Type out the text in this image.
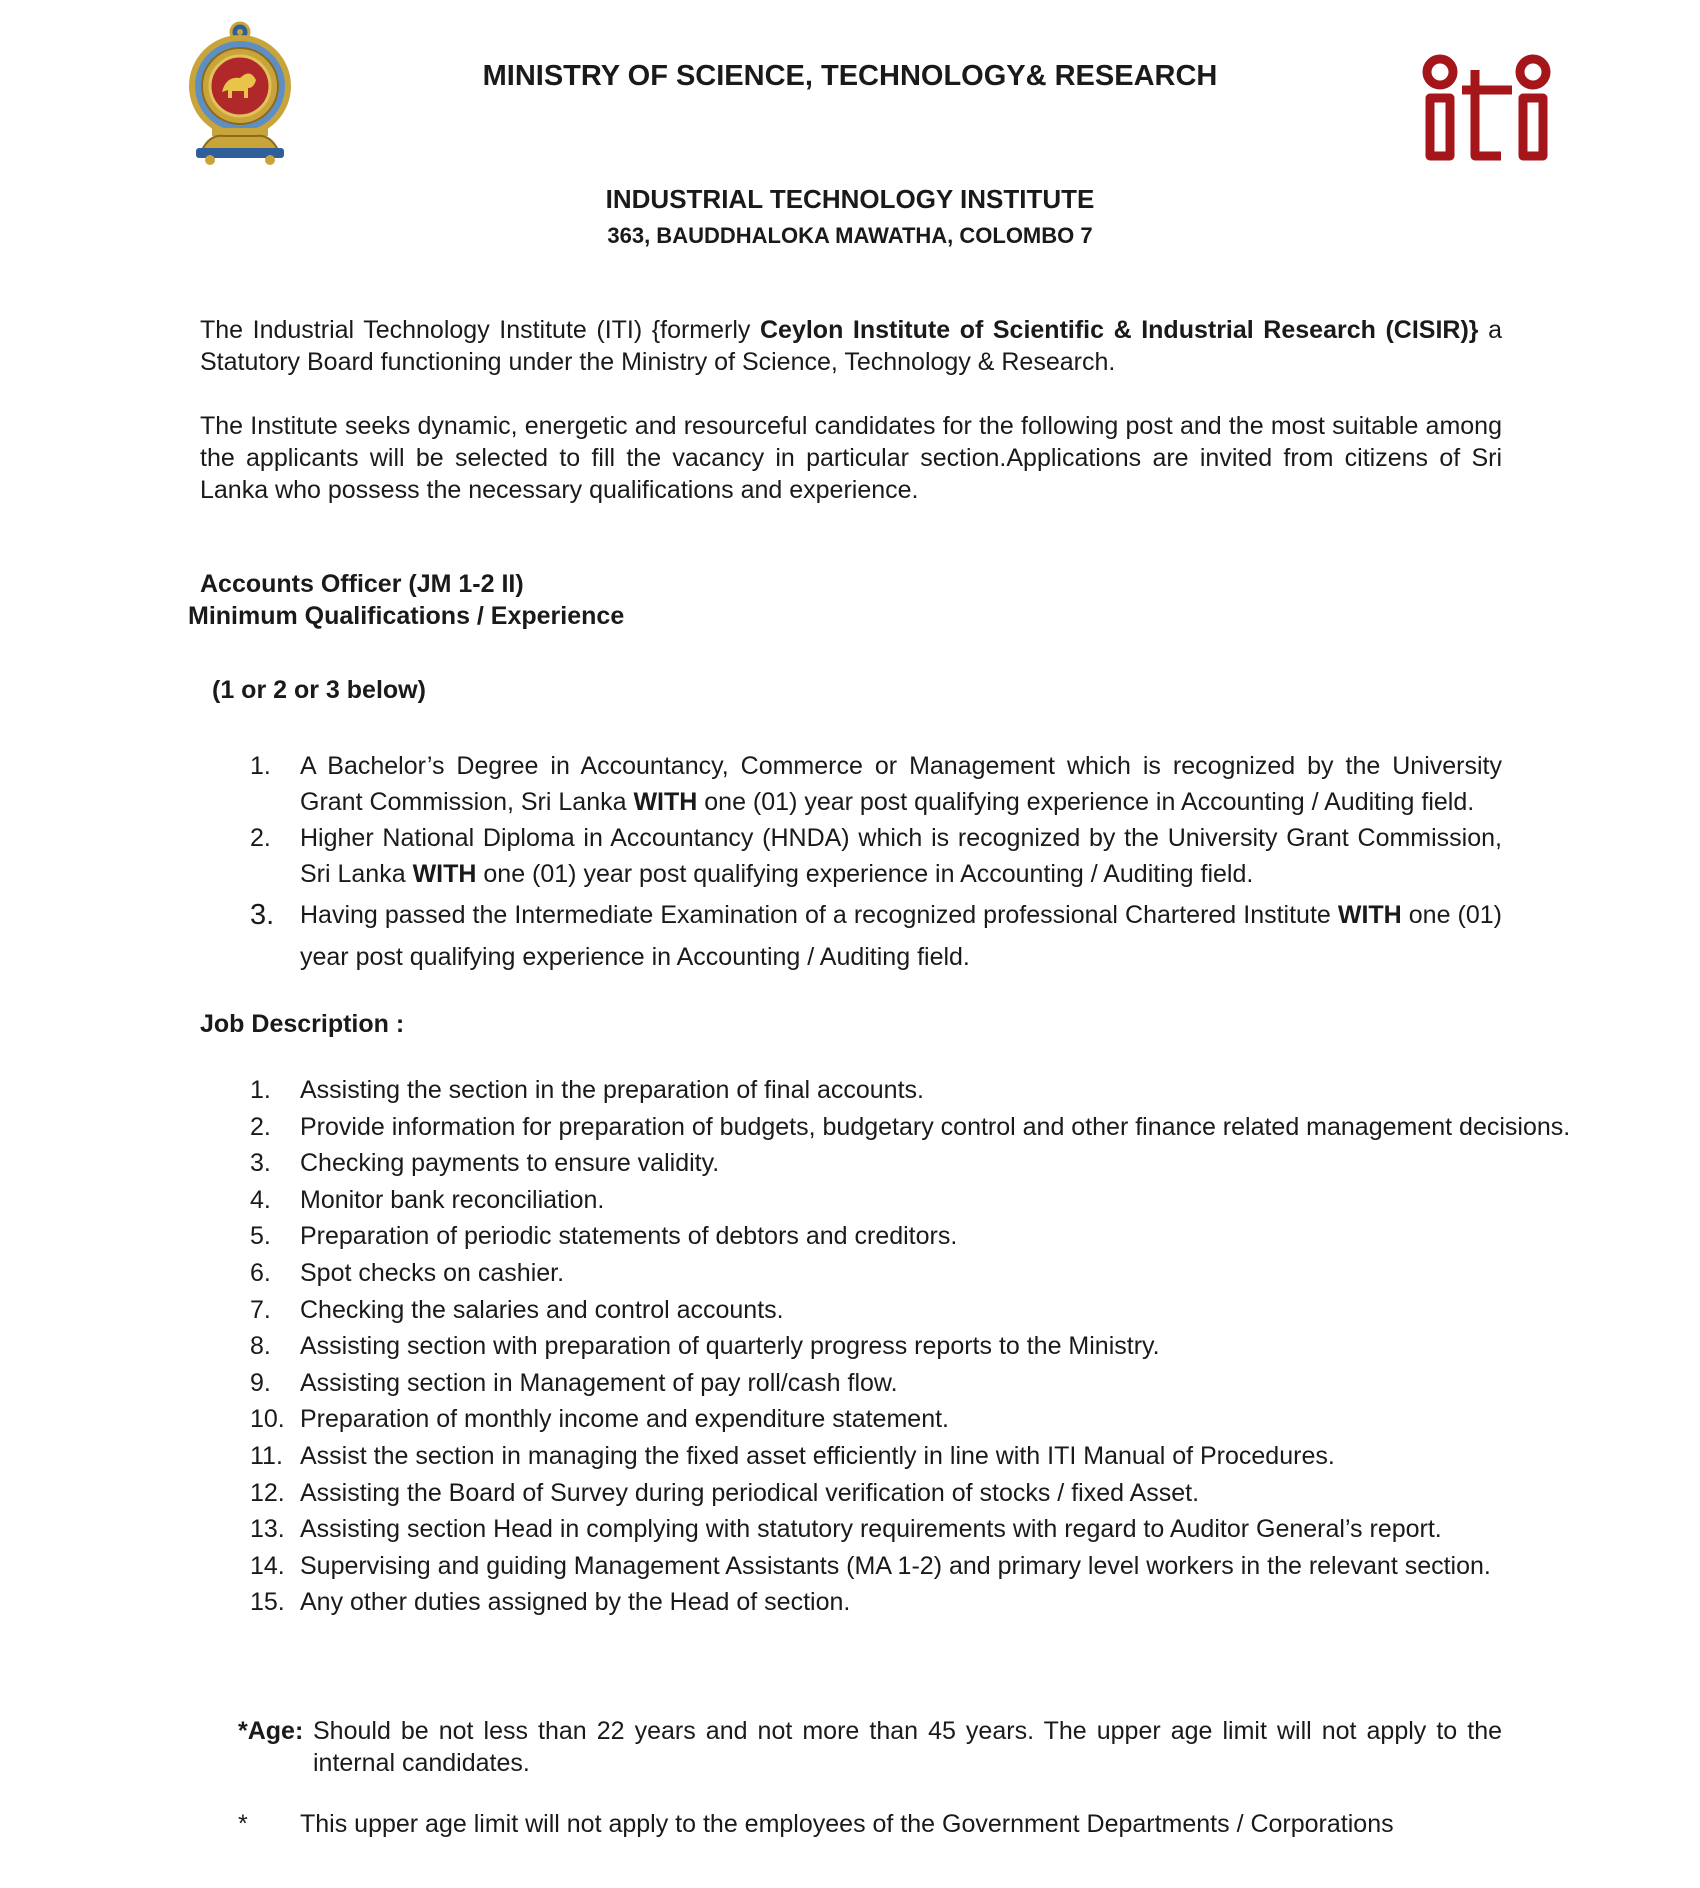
MINISTRY OF SCIENCE, TECHNOLOGY& RESEARCH
INDUSTRIAL TECHNOLOGY INSTITUTE
363, BAUDDHALOKA MAWATHA, COLOMBO 7
The Industrial Technology Institute (ITI) {formerly Ceylon Institute of Scientific & Industrial Research (CISIR)} a Statutory Board functioning under the Ministry of Science, Technology & Research.
The Institute seeks dynamic, energetic and resourceful candidates for the following post and the most suitable among the applicants will be selected to fill the vacancy in particular section.Applications are invited from citizens of Sri Lanka who possess the necessary qualifications and experience.
Accounts Officer (JM 1-2 II)
Minimum Qualifications / Experience
(1 or 2 or 3 below)
1.	A Bachelor’s Degree in Accountancy, Commerce or Management which is recognized by the University Grant Commission, Sri Lanka WITH one (01) year post qualifying experience in Accounting / Auditing field.
2.	Higher National Diploma in Accountancy (HNDA) which is recognized by the University Grant Commission, Sri Lanka WITH one (01) year post qualifying experience in Accounting / Auditing field.
3.	Having passed the Intermediate Examination of a recognized professional Chartered Institute WITH one (01) year post qualifying experience in Accounting / Auditing field.
Job Description :
1.	Assisting the section in the preparation of final accounts.
2.	Provide information for preparation of budgets, budgetary control and other finance related management decisions.
3.	Checking payments to ensure validity.
4.	Monitor bank reconciliation.
5.	Preparation of periodic statements of debtors and creditors.
6.	Spot checks on cashier.
7.	Checking the salaries and control accounts.
8.	Assisting section with preparation of quarterly progress reports to the Ministry.
9.	Assisting section in Management of pay roll/cash flow.
10. Preparation of monthly income and expenditure statement.
11. Assist the section in managing the fixed asset efficiently in line with ITI Manual of Procedures.
12. Assisting the Board of Survey during periodical verification of stocks / fixed Asset.
13. Assisting section Head in complying with statutory requirements with regard to Auditor General’s report.
14. Supervising and guiding Management Assistants (MA 1-2) and primary level workers in the relevant section.
15. Any other duties assigned by the Head of section.
*Age: Should be not less than 22 years and not more than 45 years. The upper age limit will not apply to the internal candidates.
* This upper age limit will not apply to the employees of the Government Departments / Corporations
